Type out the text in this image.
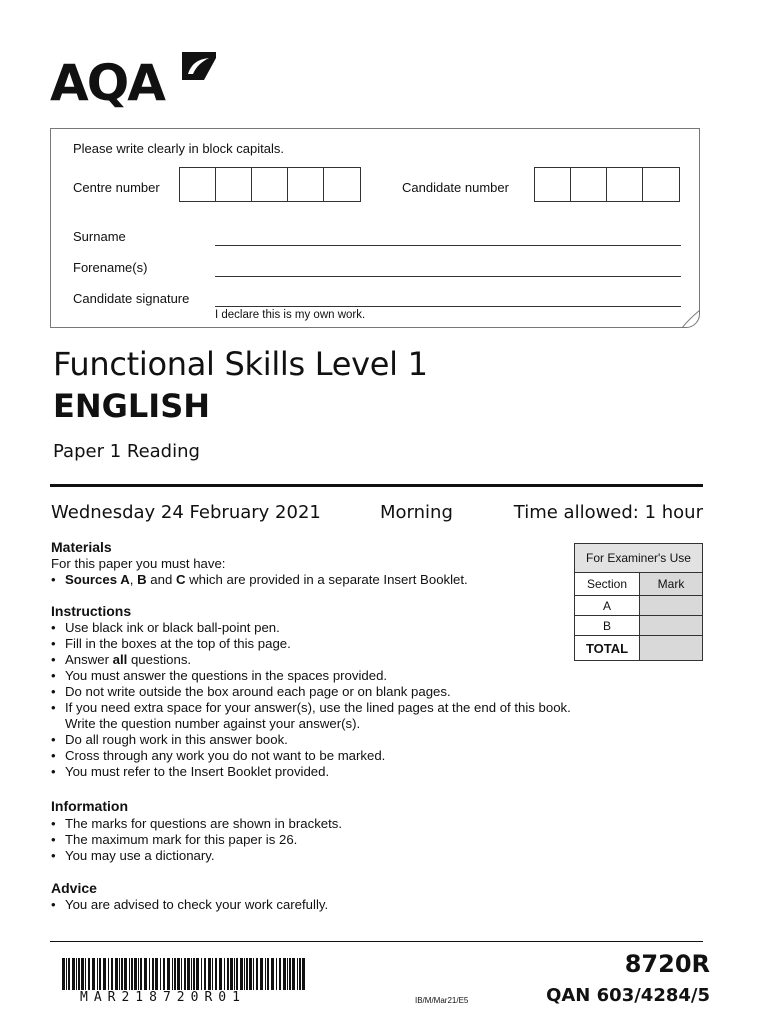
AQA
Please write clearly in block capitals.
Centre number	Candidate number
Surname
Forename(s)
Candidate signature
I declare this is my own work.
Functional Skills Level 1
ENGLISH
Paper 1 Reading
Wednesday 24 February 2021	Morning	Time allowed: 1 hour
Materials
For this paper you must have:
• Sources A, B and C which are provided in a separate Insert Booklet.
Instructions
• Use black ink or black ball-point pen.
• Fill in the boxes at the top of this page.
• Answer all questions.
• You must answer the questions in the spaces provided.
• Do not write outside the box around each page or on blank pages.
• If you need extra space for your answer(s), use the lined pages at the end of this book.
Write the question number against your answer(s).
• Do all rough work in this answer book.
• Cross through any work you do not want to be marked.
• You must refer to the Insert Booklet provided.
Information
• The marks for questions are shown in brackets.
• The maximum mark for this paper is 26.
• You may use a dictionary.
Advice
• You are advised to check your work carefully.
For Examiner's Use	
Section	Mark
A	
B	
TOTAL	
MAR218720R01	IB/M/Mar21/E5
8720R
QAN 603/4284/5
